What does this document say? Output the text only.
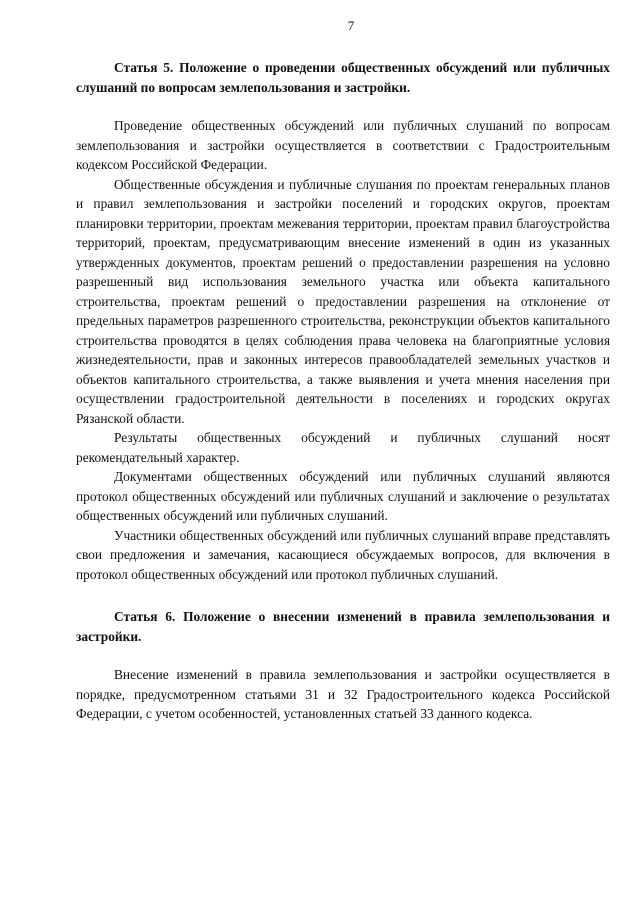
7

Статья 5. Положение о проведении общественных обсуждений или публичных слушаний по вопросам землепользования и застройки.

Проведение общественных обсуждений или публичных слушаний по вопросам землепользования и застройки осуществляется в соответствии с Градостроительным кодексом Российской Федерации.

Общественные обсуждения и публичные слушания по проектам генеральных планов и правил землепользования и застройки поселений и городских округов, проектам планировки территории, проектам межевания территории, проектам правил благоустройства территорий, проектам, предусматривающим внесение изменений в один из указанных утвержденных документов, проектам решений о предоставлении разрешения на условно разрешенный вид использования земельного участка или объекта капитального строительства, проектам решений о предоставлении разрешения на отклонение от предельных параметров разрешенного строительства, реконструкции объектов капитального строительства проводятся в целях соблюдения права человека на благоприятные условия жизнедеятельности, прав и законных интересов правообладателей земельных участков и объектов капитального строительства, а также выявления и учета мнения населения при осуществлении градостроительной деятельности в поселениях и городских округах Рязанской области.

Результаты общественных обсуждений и публичных слушаний носят рекомендательный характер.

Документами общественных обсуждений или публичных слушаний являются протокол общественных обсуждений или публичных слушаний и заключение о результатах общественных обсуждений или публичных слушаний.

Участники общественных обсуждений или публичных слушаний вправе представлять свои предложения и замечания, касающиеся обсуждаемых вопросов, для включения в протокол общественных обсуждений или протокол публичных слушаний.

Статья 6. Положение о внесении изменений в правила землепользования и застройки.

Внесение изменений в правила землепользования и застройки осуществляется в порядке, предусмотренном статьями 31 и 32 Градостроительного кодекса Российской Федерации, с учетом особенностей, установленных статьей 33 данного кодекса.
